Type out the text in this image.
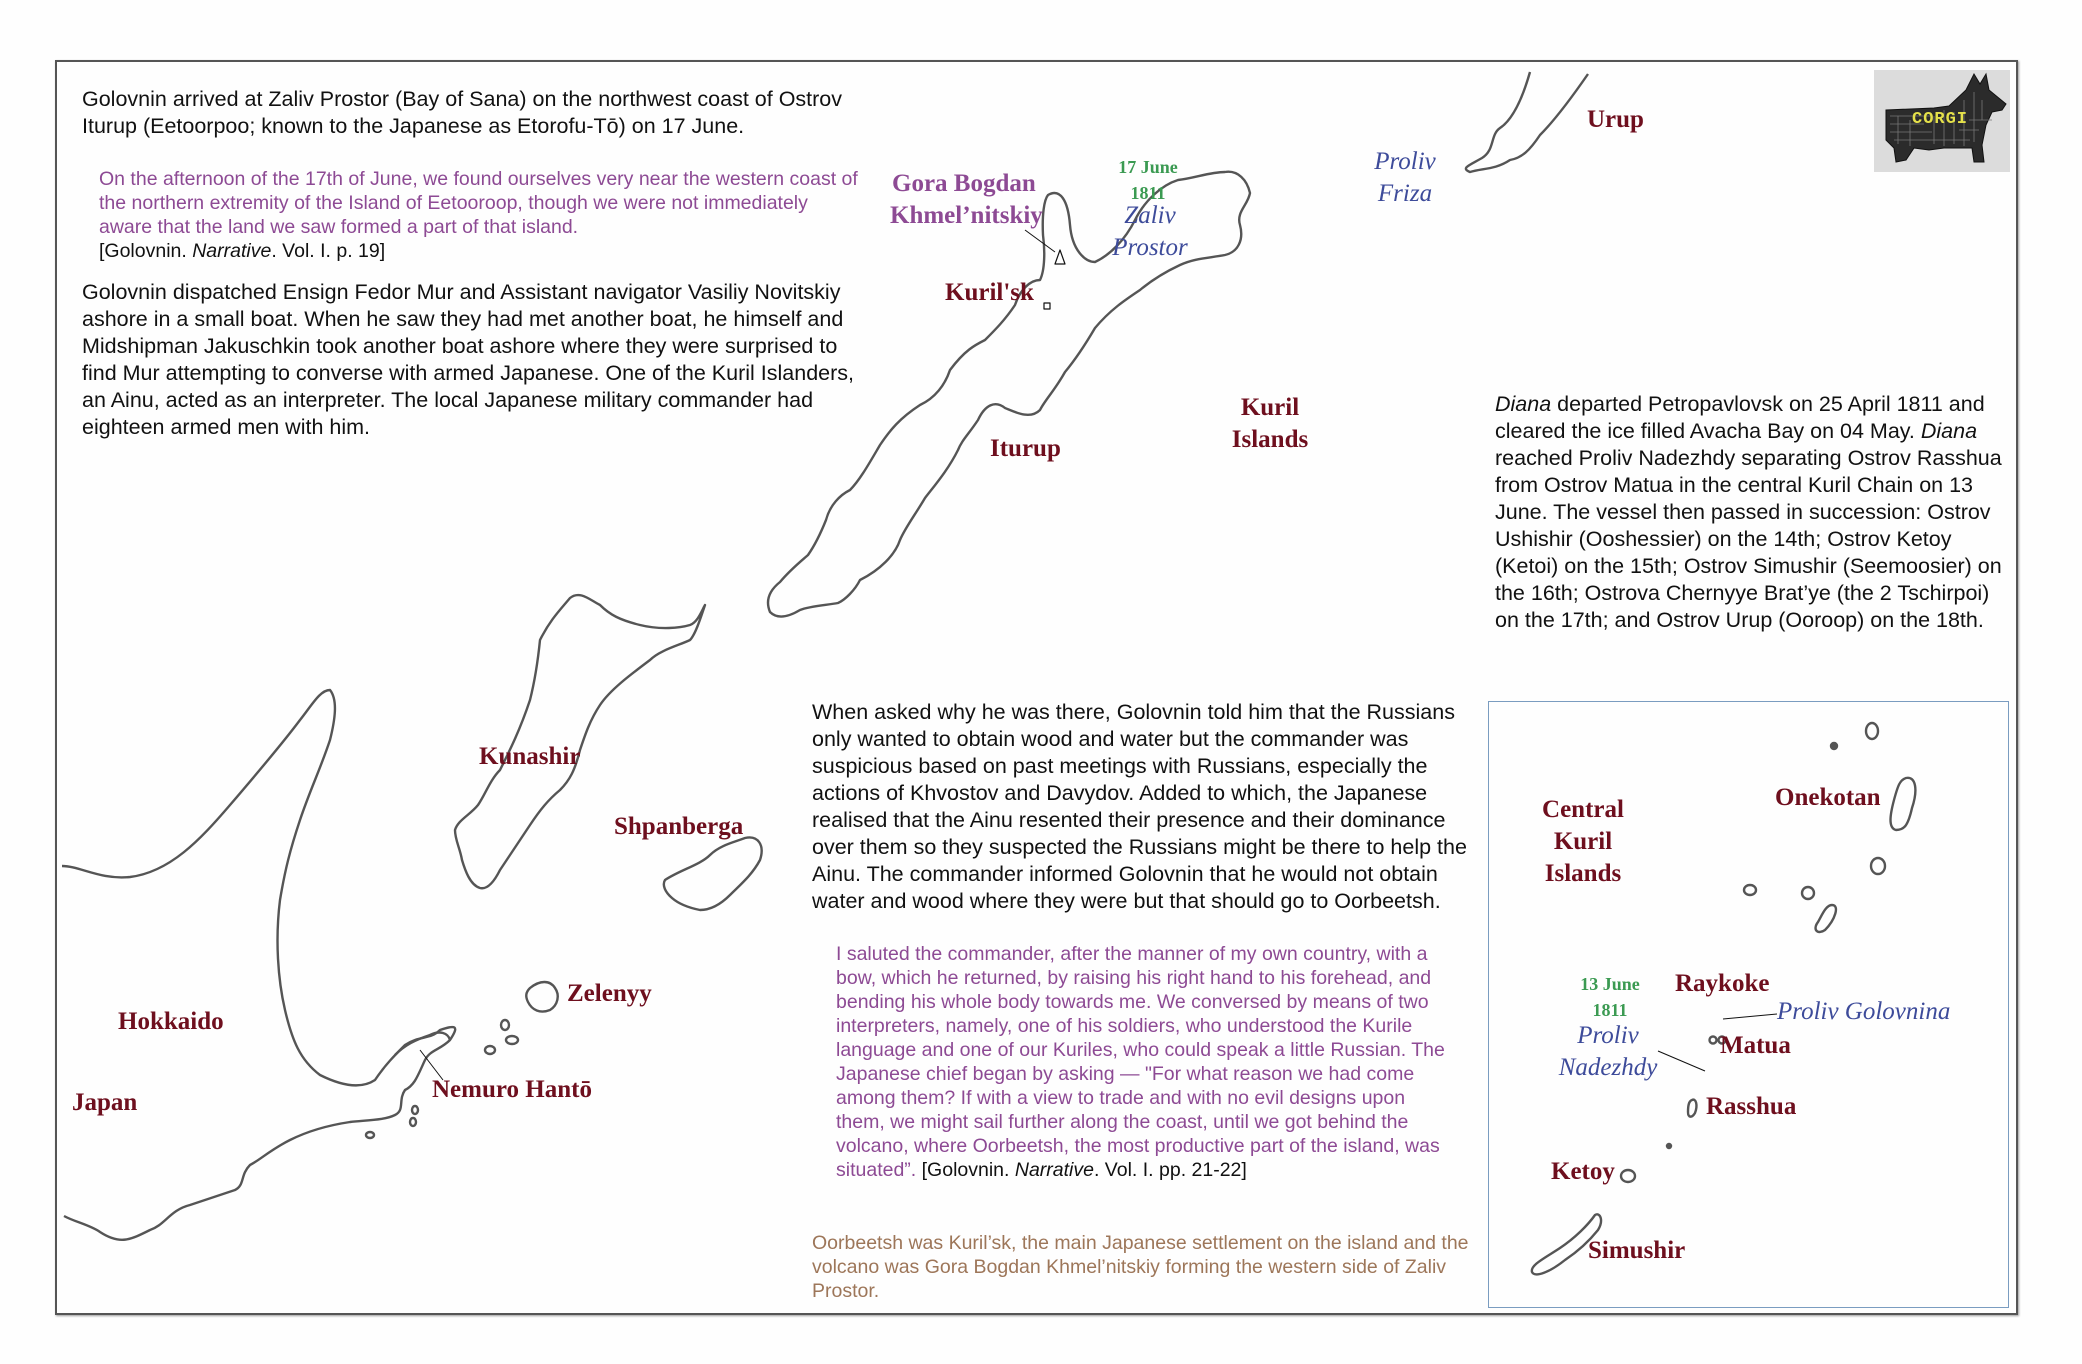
Golovnin arrived at Zaliv Prostor (Bay of Sana) on the northwest coast of Ostrov Iturup (Eetoorpoo; known to the Japanese as Etorofu-Tō) on 17 June.
On the afternoon of the 17th of June, we found ourselves very near the western coast of the northern extremity of the Island of Eetooroop, though we were not immediately aware that the land we saw formed a part of that island.
[Golovnin. Narrative. Vol. I. p. 19]
Golovnin dispatched Ensign Fedor Mur and Assistant navigator Vasiliy Novitskiy ashore in a small boat. When he saw they had met another boat, he himself and Midshipman Jakuschkin took another boat ashore where they were surprised to find Mur attempting to converse with armed Japanese. One of the Kuril Islanders, an Ainu, acted as an interpreter. The local Japanese military commander had eighteen armed men with him.
Diana departed Petropavlovsk on 25 April 1811 and cleared the ice filled Avacha Bay on 04 May. Diana reached Proliv Nadezhdy separating Ostrov Rasshua from Ostrov Matua in the central Kuril Chain on 13 June. The vessel then passed in succession: Ostrov Ushishir (Ooshessier) on the 14th; Ostrov Ketoy (Ketoi) on the 15th; Ostrov Simushir (Seemoosier) on the 16th; Ostrova Chernyye Brat’ye (the 2 Tschirpoi) on the 17th; and Ostrov Urup (Ooroop) on the 18th.
When asked why he was there, Golovnin told him that the Russians only wanted to obtain wood and water but the commander was suspicious based on past meetings with Russians, especially the actions of Khvostov and Davydov. Added to which, the Japanese realised that the Ainu resented their presence and their dominance over them so they suspected the Russians might be there to help the Ainu. The commander informed Golovnin that he would not obtain water and wood where they were but that should go to Oorbeetsh.
I saluted the commander, after the manner of my own country, with a bow, which he returned, by raising his right hand to his forehead, and bending his whole body towards me. We conversed by means of two interpreters, namely, one of his soldiers, who understood the Kurile language and one of our Kuriles, who could speak a little Russian. The Japanese chief began by asking — "For what reason we had come among them? If with a view to trade and with no evil designs upon them, we might sail further along the coast, until we got behind the volcano, where Oorbeetsh, the most productive part of the island, was situated”. [Golovnin. Narrative. Vol. I. pp. 21-22]
Oorbeetsh was Kuril’sk, the main Japanese settlement on the island and the volcano was Gora Bogdan Khmel’nitskiy forming the western side of Zaliv Prostor.
Gora Bogdan
Khmel’nitskiy
17 June
1811
Zaliv
Prostor
Proliv
Friza
Urup
Kuril'sk
Iturup
Kuril
Islands
Kunashir
Shpanberga
Zelenyy
Hokkaido
Japan	Nemuro Hantō
Central
Kuril
Islands
Onekotan
13 June
1811
Raykoke
Proliv Golovnina
Proliv
Nadezhdy
Matua
Rasshua
Ketoy
Simushir
CORGI
